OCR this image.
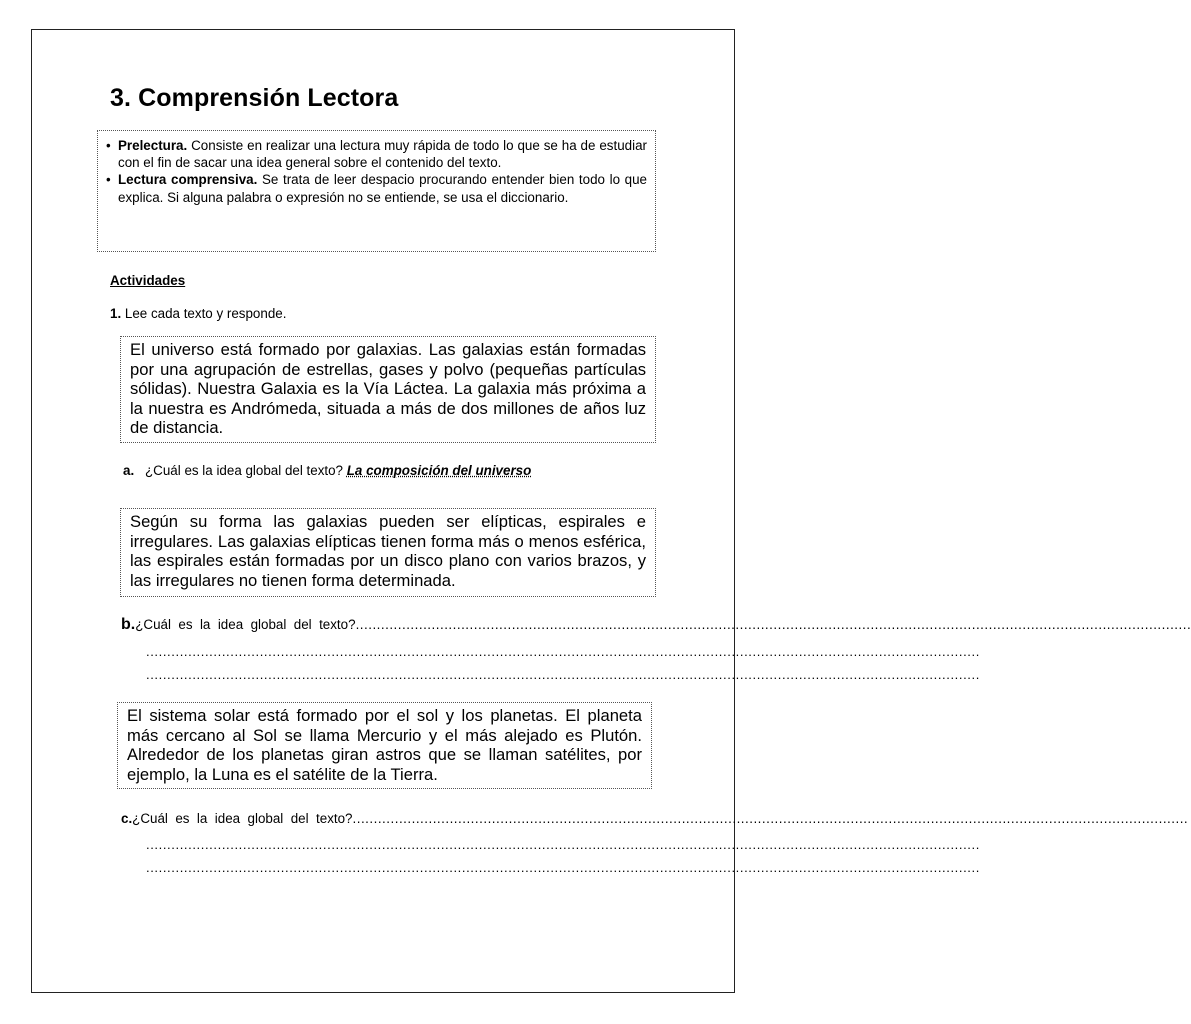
3. Comprensión Lectora
• Prelectura. Consiste en realizar una lectura muy rápida de todo lo que se ha de estudiar con el fin de sacar una idea general sobre el contenido del texto.
• Lectura comprensiva. Se trata de leer despacio procurando entender bien todo lo que explica. Si alguna palabra o expresión no se entiende, se usa el diccionario.
Actividades
1. Lee cada texto y responde.
El universo está formado por galaxias. Las galaxias están formadas por una agrupación de estrellas, gases y polvo (pequeñas partículas sólidas). Nuestra Galaxia es la Vía Láctea. La galaxia más próxima a la nuestra es Andrómeda, situada a más de dos millones de años luz de distancia.
a. ¿Cuál es la idea global del texto? La composición del universo
Según su forma las galaxias pueden ser elípticas, espirales e irregulares. Las galaxias elípticas tienen forma más o menos esférica, las espirales están formadas por un disco plano con varios brazos, y las irregulares no tienen forma determinada.
b. ¿Cuál  es  la  idea  global  del  texto? ......................................................................................................................................................................................................
......................................................................................................................................................................................................
......................................................................................................................................................................................................
El sistema solar está formado por el sol y los planetas. El planeta más cercano al Sol se llama Mercurio y el más alejado es Plutón. Alrededor de los planetas giran astros que se llaman satélites, por ejemplo, la Luna es el satélite de la Tierra.
c. ¿Cuál  es  la  idea  global  del  texto? ......................................................................................................................................................................................................
......................................................................................................................................................................................................
......................................................................................................................................................................................................
